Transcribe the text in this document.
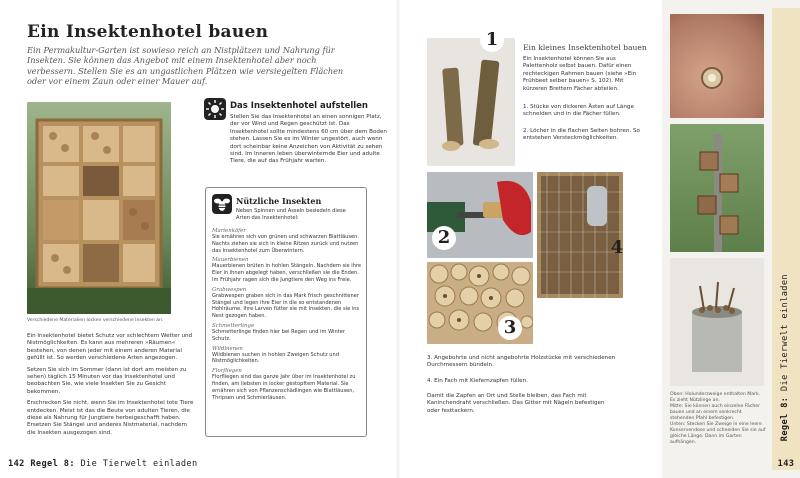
Ein Insektenhotel bauen
Ein Permakultur-Garten ist sowieso reich an Nistplätzen und Nahrung für Insekten. Sie können das Angebot mit einem Insektenhotel aber noch verbessern. Stellen Sie es an ungastlichen Plätzen wie versiegelten Flächen oder vor einem Zaun oder einer Mauer auf.
Verschiedene Materialien locken verschiedene Insekten an.

Ein Insektenhotel bietet Schutz vor schlechtem Wetter und Nistmöglichkeiten. Es kann aus mehreren »Räumen« bestehen, von denen jeder mit einem anderen Material gefüllt ist. So werden verschiedene Arten angezogen.

Setzen Sie sich im Sommer (dann ist dort am meisten zu sehen) täglich 15 Minuten vor das Insektenhotel und beobachten Sie, wie viele Insekten Sie zu Gesicht bekommen.

Erschrecken Sie nicht, wenn Sie im Insektenhotel tote Tiere entdecken. Meist ist das die Beute von adulten Tieren, die diese als Nahrung für Jungtiere herbeigeschafft haben. Ersetzen Sie Stängel und anderes Nistmaterial, nachdem die Insekten ausgezogen sind.

Das Insektenhotel aufstellen
Stellen Sie das Insektenhotel an einen sonnigen Platz, der vor Wind und Regen geschützt ist. Das Insektenhotel sollte mindestens 60 cm über dem Boden stehen. Lassen Sie es im Winter ungestört, auch wenn dort scheinbar keine Anzeichen von Aktivität zu sehen sind. Im Inneren leben überwinternde Eier und adulte Tiere, die auf das Frühjahr warten.
Nützliche Insekten
Neben Spinnen und Asseln besiedeln diese Arten das Insektenhotel:
Marienkäfer
Sie ernähren sich von grünen und schwarzen Blattläusen. Nachts ziehen sie sich in kleine Ritzen zurück und nutzen das Insektenhotel zum Überwintern.
Mauerbienen
Mauerbienen brüten in hohlen Stängeln. Nachdem sie ihre Eier in ihnen abgelegt haben, verschließen sie die Enden. Im Frühjahr ragen sich die Jungtiere den Weg ins Freie.
Grabwespen
Grabwespen graben sich in das Mark frisch geschnittener Stängel und legen ihre Eier in die so entstandenen Hohlräume. Ihre Larven fütter sie mit Insekten, die sie ins Nest gezogen haben.
Schmetterlinge
Schmetterlinge finden hier bei Regen und im Winter Schutz.
Wildbienen
Wildbienen suchen in hohlen Zweigen Schutz und Nistmöglichkeiten.
Florfliegen
Florfliegen sind das ganze Jahr über im Insektenhotel zu finden, am liebsten in locker gestopftem Material. Sie ernähren sich von Pflanzenschädlingen wie Blattläusen, Thripsen und Schmierläusen.
142 Regel 8: Die Tierwelt einladen
1	Ein kleines Insektenhotel bauen
Ein Insektenhotel können Sie aus Palettenholz selbst bauen. Dafür einen rechteckigen Rahmen bauen (siehe »Ein Frühbeet selber bauen« S. 102). Mit kürzeren Brettern Fächer abteilen.
1. Stücke von dickeren Ästen auf Länge schneiden und in die Fächer füllen.
2. Löcher in die flachen Seiten bohren. So entstehen Versteckmöglichkeiten.
2	4
3
3. Angebohrte und nicht angebohrte Holzstücke mit verschiedenen Durchmessern bündeln.
4. Ein Fach mit Kiefernzapfen füllen.
Damit die Zapfen an Ort und Stelle bleiben, das Fach mit Kaninchendraht verschließen. Das Gitter mit Nägeln befestigen oder festtackern.
Oben: Holunderzweige enthalten Mark. Es zieht Nützlinge an.
Mitte: Sie können auch einzelne Fächer bauen und an einem senkrecht stehenden Pfahl befestigen.
Unten: Stecken Sie Zweige in eine leere Konservendose und schneiden Sie sie auf gleiche Länge. Dann im Garten aufhängen.
Regel 8: Die Tierwelt einladen
143
